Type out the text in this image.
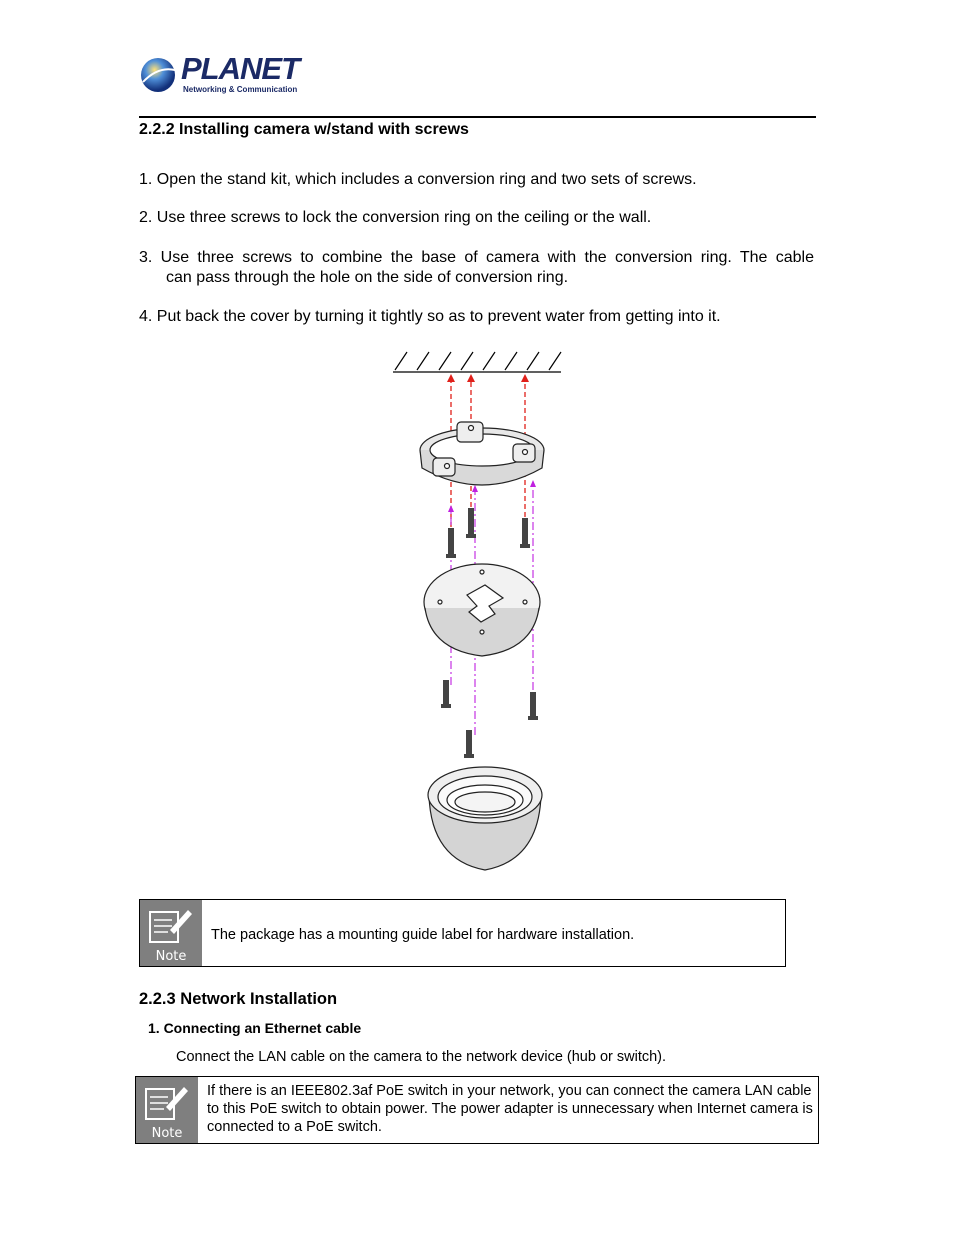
PLANET
Networking & Communication
2.2.2 Installing camera w/stand with screws
1. Open the stand kit, which includes a conversion ring and two sets of screws.
2. Use three screws to lock the conversion ring on the ceiling or the wall.
3. Use three screws to combine the base of camera with the conversion ring. The cable
can pass through the hole on the side of conversion ring.
4. Put back the cover by turning it tightly so as to prevent water from getting into it.
Note
The package has a mounting guide label for hardware installation.
2.2.3 Network Installation
1. Connecting an Ethernet cable
Connect the LAN cable on the camera to the network device (hub or switch).
Note
If there is an IEEE802.3af PoE switch in your network, you can connect the camera LAN cable to this PoE switch to obtain power. The power adapter is unnecessary when Internet camera is connected to a PoE switch.
